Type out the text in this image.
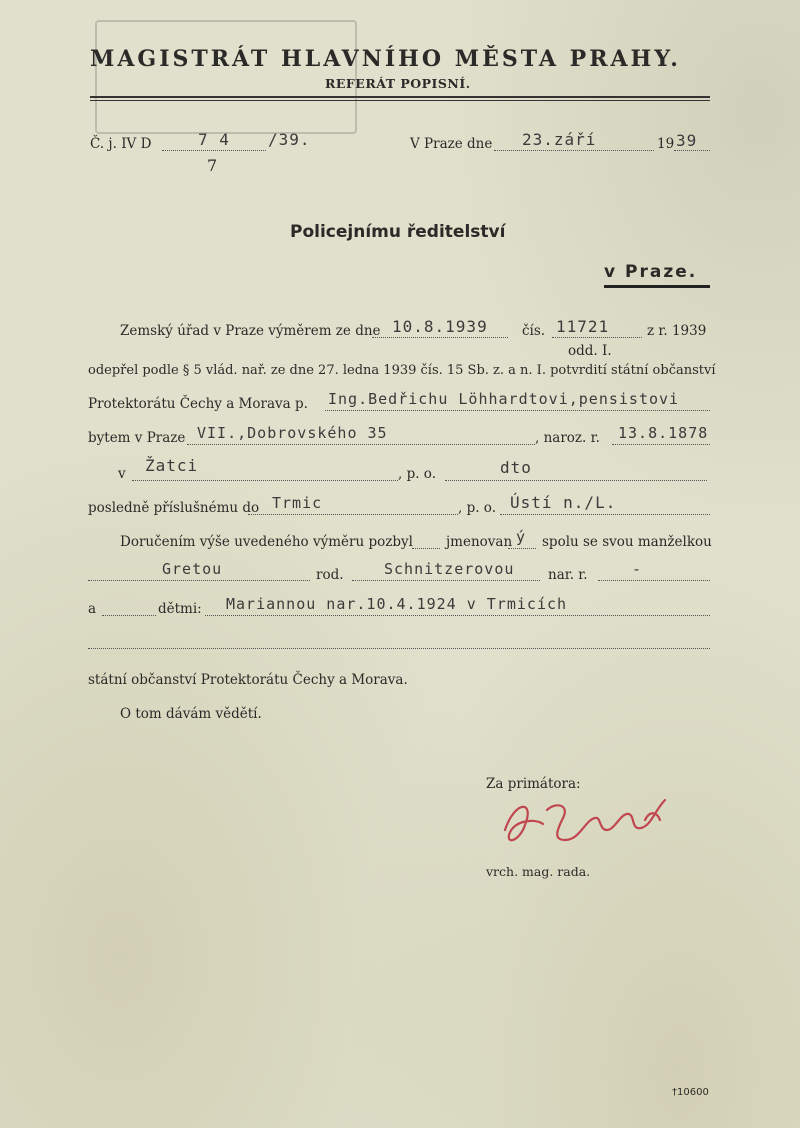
MAGISTRÁT HLAVNÍHO MĚSTA PRAHY.
REFERÁT POPISNÍ.
Č. j. IV D	7 4 /39.
7
V Praze dne 23.září	19 39
Policejnímu ředitelství
v Praze.
Zemský úřad v Praze výměrem ze dne 10.8.1939	čís. 11721	z r. 1939
odd. I.
odepřel podle § 5 vlád. nař. ze dne 27. ledna 1939 čís. 15 Sb. z. a n. I. potvrdití státní občanství
Protektorátu Čechy a Morava p. Ing.Bedřichu Löhhardtovi,pensistovi
bytem v Praze VII.,Dobrovského 35	, naroz. r. 13.8.1878
v Žatci	, p. o.	dto
posledně příslušnému do Trmic	, p. o. Ústí n./L.
Doručením výše uvedeného výměru pozbyl jmenovan ý spolu se svou manželkou
Gretou	rod.	Schnitzerovou nar. r.	-
a	dětmi: Mariannou nar.10.4.1924 v Trmicích
státní občanství Protektorátu Čechy a Morava.
O tom dávám vědětí.
Za primátora:
vrch. mag. rada.
†10600
